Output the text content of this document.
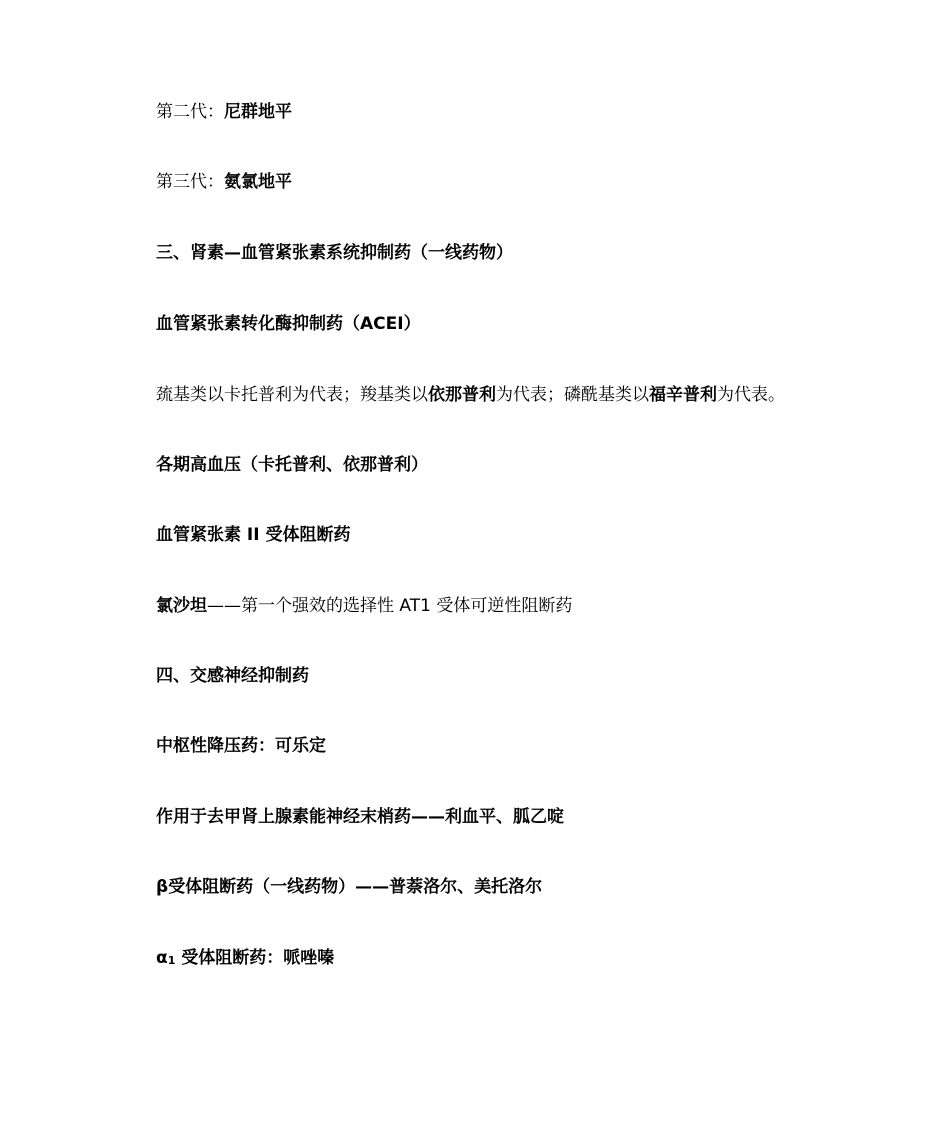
第二代：尼群地平
第三代：氨氯地平
三、肾素—血管紧张素系统抑制药（一线药物）
血管紧张素转化酶抑制药（ACEI）
巯基类以卡托普利为代表；羧基类以依那普利为代表；磷酰基类以福辛普利为代表。
各期高血压（卡托普利、依那普利）
血管紧张素 II 受体阻断药
氯沙坦——第一个强效的选择性 AT1 受体可逆性阻断药
四、交感神经抑制药
中枢性降压药：可乐定
作用于去甲肾上腺素能神经末梢药——利血平、胍乙啶
β受体阻断药（一线药物）——普萘洛尔、美托洛尔
α1 受体阻断药：哌唑嗪
